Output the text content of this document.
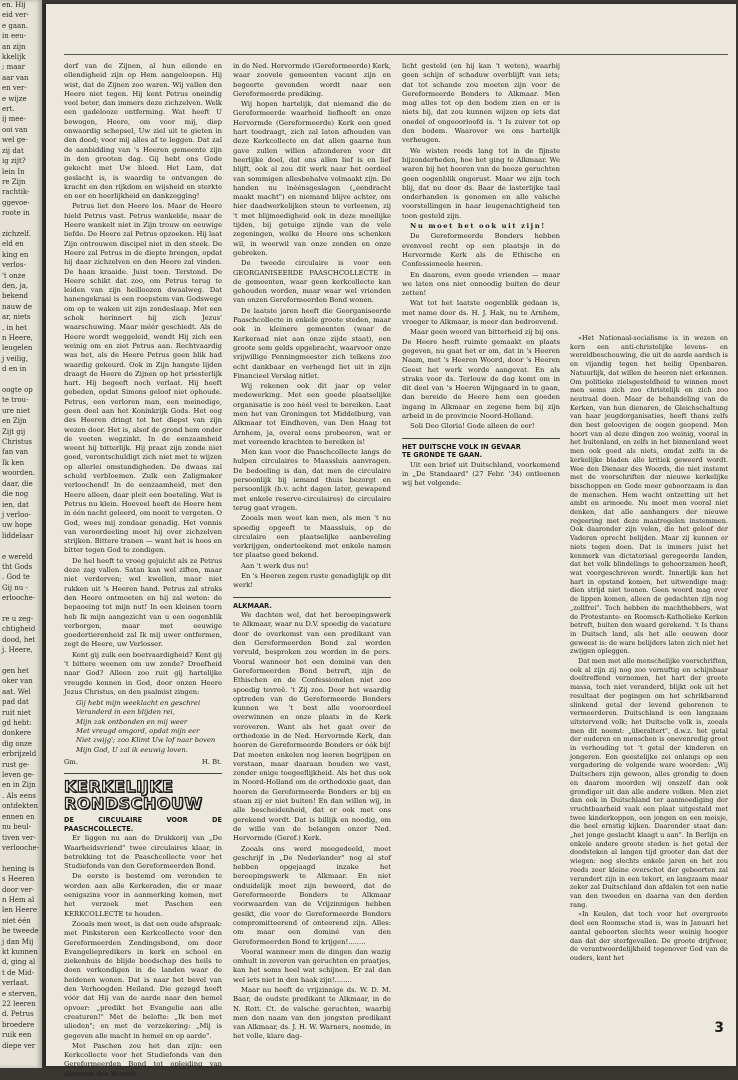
en. Hij
eid ver-
e gaan.
in eeu-
an zijn
kkelijk
; maar
aar van
en ver-
e wijze
ert.
ij mee-
ooi van
wel ge-
zij dat
ig zijt?
lein In
re Zijn
rachtik-
ggevoe-
roote in

zichzelf.
eld en
king en
verlos-
't onze
den, ja,
bekend
nauw de
ar, niets
, in het
n Heere,
leugelen
j veilig,
d en in

oogte op
te trou-
ure niet
en Zijn
Zijt gij
Christus
fan van
Ik ken
woorden.
daar, die
die nog
ien, dat
j verloo-
uw hope
liddelaar

e wereld
tht Gods
. God te
Gij nu -
erlooche-

re u zeg-
chtigheid
dood, het
j. Heere,

gen het
oker van
aat. Wel
pad dat
ruit niet
gd hebt:
donkere
dig onze
erbrijzeld
rust ge-
leven ge-
en in Zijn
. Als eens
ontdekten
ennen en
nu beul-
tiven ver-
verlooche-

hening is
s Heeren
door ver-
n Hem al
len Heere
niet één
be tweede
j dan Mij
kt kunnen
d, ging al
t de Mid-
verlaat.
e sterven,
22 leeren
d. Petrus
broedere
ruik een
diepe ver

derf van de Zijnen, al hun eilende en ellendigheid zijn op Hem aangeloopen. Hij wist, dat de Zijnen zoo waren. Wij vallen den Heere niet tegen. Hij kent Petrus oneindig veel beter, dan immers deze zichzelven. Welk een gadelooze ontferming. Wat heeft U bewogen, Heere, om voor mij, diep onwaardig schepsel, Uw ziel uit te gieten in den dood; voor mij alles af te leggen. Dat zal de aanbidding van 's Heeren gemeente zijn in den grooten dag. Gij hebt ons Gode gekocht met Uw bloed. Het Lam, dat geslacht is, is waardig te ontvangen de kracht en den rijkdom en wijsheid en sterkte en eer en heerlijkheid en dankzegging!

Petrus liet den Heere los. Maar de Heere hield Petrus vast. Petrus wankelde, maar de Heere wankelt niet in Zijn trouw en eeuwige liefde. De Heere zal Petrus opzoeken. Hij laat Zijn ontrouwen discipel niet in den steek. De Heere zal Petrus in de diepte brengen, opdat hij daar zichzelven en den Heere zal vinden. De haan kraaide. Juist toen. Terstond. De Heere schikt dat zoo, om Petrus terug te leiden van zijn heilloozen dwaalweg. Dat hanengekraai is een roepstem van Godswege om op te waken uit zijn zondeslaap. Met een schok herinnert hij zich Jezus' waarschuwing. Maar méér geschiedt. Als de Heere wordt weggeleid, wendt Hij zich een weinig om en ziet Petrus aan. Rechtvaardig was het, als de Heere Petrus geen blik had waardig gekeurd. Ook in Zijn hangste lijden draagt de Heere de Zijnen op het priesterlijk hart. Hij begeeft noch verlaat. Hij heeft gebeden, opdat Simons geloof niet ophoude. Petrus, een verloren man, een meinedige, geen deel aan het Koninkrijk Gods. Het oog des Heeren dringt tot het diepst van zijn wezen door. Het is, alsof de grond hem onder de voeten wegzinkt. In de eenzaamheid weent hij bitterlijk. Hij praat zijn zonde niet goed, verontschuldigt zich niet met te wijzen op allerlei omstandigheden. De dwaas zal schuld verbloemen. Zulk een Zaligmaker verloochend! In de eenzaamheid, met den Heere alleen, daar pleit een boeteling. Wat is Petrus nu klein. Hoeveel heeft de Heere hem in één nacht geleerd, om nooit te vergeten. O God, wees mij zondaar genadig. Het vonnis van veroordeeling moet hij over zichzelven strijken. Bittere tranen — want het is hoos en bitter tegen God te zondigen.

De hel heeft te vroeg gejuicht als ze Petrus deze zag vallen. Satan kan wel ziften, maar niet verderven; wel kwellen, maar niet rukken uit 's Heeren hand. Petrus zal straks den Heere ontmoeten en hij zal weten: de bepaoeing tot mijn nut! In een kleinen toorn heb Ik mijn aangezicht van u een oogenblik verborgen, maar met eeuwige goedertierenheid zal Ik mij uwer ontfermen, zegt de Heere, uw Verlosser.

Kent gij zulk een boetvaardigheid? Kent gij 't bittere weenen om uw zonde? Droefheid naar God? Alleen zoo ruit gij hartelijke vreugde kennen in God, door onzen Heere Jezus Christus, en den psalmist zingen:

Gij hebt mijn weeklacht en geschrei
Veranderd in een blijden rei,
Mijn zak ontbonden en mij weer
Met vreugd omgord, opdat mijn eer
Niet zwijg'; zoo Klimt Uw lof naar boven
Mijn God, U zal ik eeuwig loven.
Gm.	H. Bt.
KERKELIJKE
RONDSCHOUW

DE CIRCULAIRE VOOR DE PAASCHCOLLECTE.

Er liggen nu aan de Drukkerij van „De Waarheidsvriend" twee circulaires klaar, in betrekking tot de Paaschcollecte voor het Studiefonds van den Gereformeerden Bond.

De eerste is bestemd om veronden te worden aan alle Kerkeraden, die er maar eenigszins voor in aanmerking komen, met het verzoek met Paschen een KERKCOLLECTE te houden.

Zooals men weet, is dat een oude afspraak: met Pinksteren een Kerkcollecte voor den Gereformeerden Zendingsbond, om door Evangeliepredikers in kerk en school en ziekenhuis de blijde boodschap des heils te doen verkondigen in de landen waar de heidenen wonen. Dat is naar het bevel van den Verhoogden Heiland. Die gezegd heeft vóór dat Hij van de aarde naar den hemel opvoer: „predikt het Evangelie aan alle creaturen!" Met de belofte: „Ik ben met ulieden"; en met de verzekering: „Mij is gegeven alle macht in hemel en op aarde".

Met Paschen zou het dan zijn: een Kerkcollecte voor het Studiefonds van den Gereformeerden Bond tot opleiding van dienaren des Woords

in de Ned. Hervormde (Gereformeerde) Kerk, waar zoovele gemeenten vacant zijn en begeerte gevonden wordt naar een Gereformeerde prediking.

Wij hopen hartelijk, dat niemand die de Gereformeerde waarheid liefheeft en onze Hervormde (Gereformeerde) Kerk een goed hart toedraagt, zich zal laten afhouden van deze Kerkcollecte en dat allen gaarne hun gave zullen willen afzonderen voor dit heerlijke doel, dat ons allen lief is en lief blijft, ook al zou dit werk naar het oordeel van sommigen allesbehalve volmaakt zijn. De handen nu inéénsgeslagen („eendracht maakt macht") en niemand blijve achter, om hier daadwerkelijken steun te verleenen, zij 't met blijmoedigheid ook in deze moeilijke tijden, bij getuige zijnde van de vele zegeningen, welke de Heere ons schenken wil, in weerwil van onze zonden en onze gebreken.

De tweede circulaire is voor een GEORGANISEERDE PAASCHCOLLECTE in de gemeenten, waar geen kerkcollecte kan gehouden worden, maar waar wel vrienden van onzen Gereformeerden Bond wonen.

De laatste jaren heeft die Georganiseerde Paaschcollecte in enkele groote steden, maar ook in kleinere gemeenten (waar de Kerkeraad niet aan onze zijde staat), een groote som gelds opgebracht, waarvoor onze vrijwillige Penningmeester zich telkens zoo echt dankbaar en verheugd liet uit in zijn Financieel Verslag nitlet.

Wij rekenen ook dit jaar op veler medewerking. Met een goede plaatselijke organisatie is zoo héél veel te bereiken. Laat men het van Groningen tot Middelburg, van Alkmaar tot Eindhoven, van Den Haag tot Arnhem, ja, overal eens probeeren, wat er met vereende krachten te bereiken is!

Men kan voor die Paaschcollecte langs de hulpen circulaires te Maassluis aanvragen. De bedoeling is dan, dat men de circulaire persoonlijk bij iemand thuis bezorgt en persoonlijk (b.v. acht dagen later, gewapend met enkele reserve-circulaires) de circulaire terug gaat vragen.

Zooals men weet kan men, als men 't nu spoedig opgeeft te Maassluis, op de circulaire een plaatselijke aanbeveling verkrijgen, onderteekend met enkele namen ter plaatse goed bekend.

Aan 't werk dus nu!

En 's Heeren zegen ruste genadiglijk op dit werk!

ALKMAAR.

We dachten wel, dat het beroepingswerk te Alkmaar, waar nu D.V. spoedig de vacature door de overkomst van een predikant van den Gereformeerden Bond zal worden vervuld, besproken zou worden in de pers. Vooral wanneer het een dominé van den Gereformeerden Bond betreft, zijn de Ethischen en de Confessionelen niet zoo spoedig tevreê. 't Zij zoo. Door het waardig optreden van de Gereformeerde Bonders kunnen we 't best alle vooroordeel overwinnen en onze plaats in de Kerk veroveren. Want als het gaat over de orthodoxie in de Ned. Hervormde Kerk, dan hooren de Gereformeerde Bonders er óók bij! Dat moeten enkelen nog leeren begrijpen en verstaan, maar daaraan houden we vast, zonder enige toegeeflijkheid. Als het dus ook in Noord-Holland om de orthodoxie gaat, dan hooren de Gereformeerde Bonders er bij en staan zij er niet buiten! En dan willen wij, in alle bescheidenheid, dat er ook met ons gerekend wordt. Dat is billijk en noodig, om de wille van de belangen onzer Ned. Hervormde (Geref.) Kerk.

Zooals ons werd meegedeeld, moet geschrijf in „De Nederlander" nog al stof hebben opgejaagd inzake het beroepingswerk te Alkmaar. En niet onduidelijk moet zijn beweerd, dat de Gereformeerde Bonders te Alkmaar voorwaarden van de Vrijzinnigen hebben gesikt, die voor de Gereformeerde Bonders compromitteerend of onteerend zijn. Alles: om maar een dominé van den Gereformeerden Bond te krijgen!........

Vooral wanneer men de dingen dan wazig omhult in zeveren van geruchten en praatjes, kan het soms heel wat schijnen. Er zal dan wel iets niet in den haak zijn!........

Maar nu heeft de vrijzinnige ds. W. D. M. Baar, de oudste predikant te Alkmaar, in de N. Rott. Ct. de valsche geruchten, waarbij men den naam van den jongsten predikant van Alkmaar, ds. J. H. W. Warners, noemde, in het volle, klare dag-

licht gesteld (en hij kan 't weten), waarbij geen schijn of schaduw overblijft van iets; dat tot schande zou moeten zijn voor de Gereformeerde Bonders te Alkmaar. Men mag alles tot op den bodem zien en er is niets bij, dat zou kunnen wijzen op iets dat onedel of ongeoorloofd is. 't Is zuiver tot op den bodem. Waarover we ons hartelijk verheugen.

We wisten reeds lang tot in de fijnste bijzonderheden, hoe het ging te Alkmaar. We waren bij het hooren van de booze geruchten geen oogenblik ongerust. Maar we zijn toch blij, dat nu door ds. Baar de lasterlijke taal onderhanden is genomen en alle valsche voorstellingen in haar leugenachtigheid ten toon gesteld zijn.

Nu moet het ook uit zijn!

De Gereformeerde Bonders hebben evenveel recht op een plaatsje in de Hervormde Kerk als de Ethische en Confessioneele heeren.

En daarom, even goede vrienden — maar we laten ons niet onnoodig buiten de deur zetten!

Wat tot het laatste oogenblik gedaan is, met name door ds. H. J. Hak, nu te Arnhem, vroeger te Alkmaar, is meer dan bedroevend.

Maar geen woord van bitterheid zij bij ons. De Heere heeft ruimte gemaakt en plaats gegeven, nu gaat het er om, dat in 's Heeren Naam, met 's Heeren Woord, door 's Heeren Geest het werk worde aangevat. En als straks voor ds. Terlouw de dag komt om in dit deel van 's Heeren Wijngaard in te gaan, dan bereide de Heere hem een goeden ingang in Alkmaar en zegene hem bij zijn arbeid in de provincie Noord-Holland.

Soli Deo Gloria! Gode alleen de eer!

HET DUITSCHE VOLK IN GEVAAR

TE GRONDE TE GAAN.

Uit een brief uit Duitschland, voorkomend in „De Standaard" (27 Febr. '34) ontleenen wij het volgende:

»Het Nationaal-socialisme is in wezen en kern een anti-christelijke levens- en wereldbeschouwing, die uit de aarde aardsch is en vijandig tegen het heilig Openbaren. Natuurlijk, dat willen de heeren niet erkennen. Om politieke zielsgesteldheid te winnen moet men soms zich zoo christelijk en zich zoo neutraal doen. Maar de behandeling van de Kerken, van hun dienaren, de Gleichschaltung van haar jeugdorganisaties, heeft thans zelfs den best geloovigen de oogen geopend. Men hoort van al deze dingen zoo weinig, vooral in het buitenland, en zelfs in het binnenland weet men ook goed als niets, omdat zelfs in de kerkelijke bladen alle kritiek geweerd wordt. Wee den Dienaar des Woords, die niet instemt met de voorschriften der nieuwe kerkelijke bisschoppen en Gode meer gehoorzaam is dan de menschen. Hem wacht ontzetting uit het ambt en armoede. Nu moet men vooral niet denken, dat alle aanhangers der nieuwe regeering met deze maatregelen instemmen. Ook daaronder zijn velen, die het geloof der Vaderen oprecht belijden. Maar zij kunnen er niets tegen doen. Dat is immers juist het kenmerk van dictatoriaal geregeerde landen, dat het volk blindelings te gehoorzamen heeft, wat voorgeschreven wordt. Innerlijk kan het hart in opstand komen, het uitwendige mag: dien strijd niet toonen. Geen woord mag over de lippen komen, alleen de gedachten zijn nog „zollfrei". Toch hebben de machthebbers, wat de Protestante- en Roomsch-Katholieke Kerken betreft, buiten den waard gerekend. 't Is thans in Duitsch land, als het alle eeuwen door geweest is: de ware belijders laten zich niet het zwijgen opleggen.

Dat men met alle menschelijke voorschriften, ook al zijn zij nog zoo vernuftig en schijnbaar doeltreffend vernomen, het hart der groote massa, toch niet veranderd, blijkt ook uit het resultaat der pogingen om het schrikbarend slinkend getal der levend geborenen te vermeerderen. Duitschland is een langzaam uitstervend volk; het Duitsche volk is, zooals men dit noemt: „überaltert", d.w.z. het getal der ouderen en menschen is onevenredig groot in verhouding tot 't getal der kinderen en jongeren. Een geestelijke zei onlangs op een vergadering de volgende ware woorden: „Wij Duitschers zijn gewoon, alles grondig te doen en daarom moorden wij onszelf dan ook grondiger uit dan alle andere volken. Men ziet dan ook in Duitschland ter aanmoediging der vruchtbaarheid vaak een plaat uitgestald met twee kinderkoppen, een jongen en een meisje, die heel ernstig kijken. Daaronder staat dan: „het jonge geslacht klaagt u aan". In Berlijn en enkele andere groote steden is het getal der doodsteken al langen tijd grooter dan dat der wiegen: nog slechts enkele jaren en het zou reeds zeer kleine overschot der geboorten zal verandert zijn in een tekort, en langzaam maar zeker zal Duitschland dan afdalen tot een natie van den tweeden en daarna van den derden rang.

»In Keulen, dat toch voor het overgroote deel een Roomsche stad is, was in Januari het aantal geboorten slechts weer weinig hooger dan dat der sterfgevallen. De groote drijfveer, de verantwoordelijkheid tegenover God van de ouders, kent het

3
